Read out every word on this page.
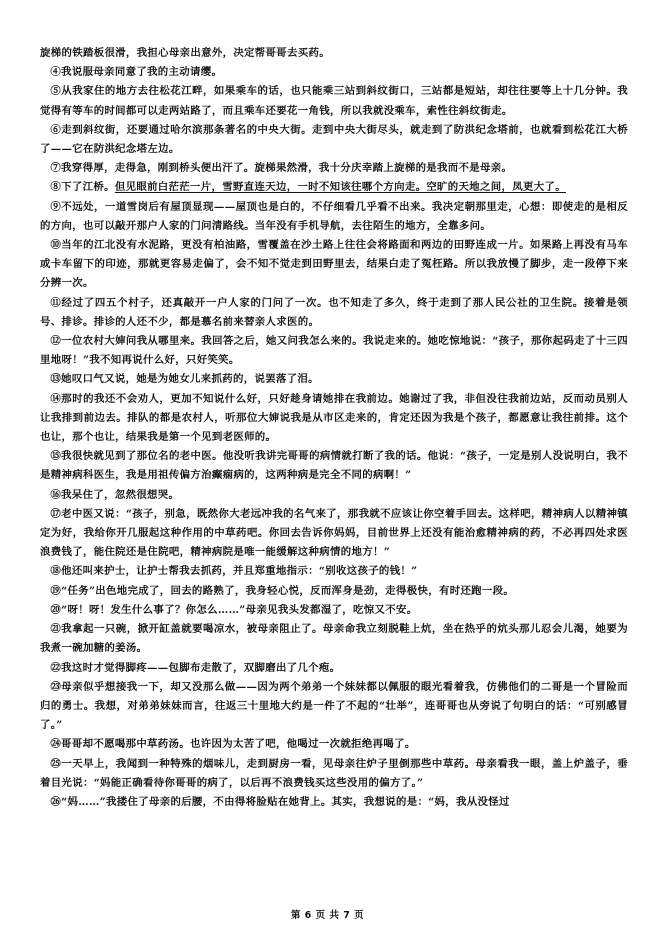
旋梯的铁踏板很滑，我担心母亲出意外，决定帮哥哥去买药。

④我说服母亲同意了我的主动请缨。

⑤从我家住的地方去往松花江畔，如果乘车的话，也只能乘三站到斜纹街口，三站都是短站，却往往要等上十几分钟。我觉得有等车的时间都可以走两站路了，而且乘车还要花一角钱，所以我就没乘车，索性往斜纹街走。

⑥走到斜纹街，还要通过哈尔滨那条著名的中央大街。走到中央大街尽头，就走到了防洪纪念塔前，也就看到松花江大桥了——它在防洪纪念塔左边。

⑦我穿得厚，走得急，刚到桥头便出汗了。旋梯果然滑，我十分庆幸踏上旋梯的是我而不是母亲。

⑧下了江桥。但见眼前白茫茫一片，雪野直连天边，一时不知该往哪个方向走。空旷的天地之间，凤更大了。

⑨不远处，一道雪岗后有屋顶显现——屋顶也是白的，不仔细看几乎看不出来。我决定朝那里走，心想：即使走的是相反的方向，也可以敲开那户人家的门问清路线。当年没有手机导航，去往陌生的地方，全靠多问。

⑩当年的江北没有水泥路，更没有柏油路，雪覆盖在沙土路上往往会将路面和两边的田野连成一片。如果路上再没有马车或卡车留下的印迹，那就更容易走偏了，会不知不觉走到田野里去，结果白走了冤枉路。所以我放慢了脚步，走一段停下来分辨一次。

⑪经过了四五个村子，还真敲开一户人家的门问了一次。也不知走了多久，终于走到了那人民公社的卫生院。接着是领号、排诊。排诊的人还不少，都是慕名前来替亲人求医的。

⑫一位农村大婶问我从哪里来。我回答之后，她又问我怎么来的。我说走来的。她吃惊地说：“孩子，那你起码走了十三四里地呀！”我不知再说什么好，只好笑笑。

⑬她叹口气又说，她是为她女儿来抓药的，说罢落了泪。

⑭那时的我还不会劝人，更加不知说什么好，只好趁身请她排在我前边。她谢过了我，非但没往我前边站，反而动员别人让我排到前边去。排队的都是农村人，听那位大婶说我是从市区走来的，肯定还因为我是个孩子，都愿意让我往前排。这个也让，那个也让，结果我是第一个见到老医师的。

⑮我很快就见到了那位名的老中医。他没听我讲完哥哥的病情就打断了我的话。他说：“孩子，一定是别人没说明白，我不是精神病科医生，我是用祖传偏方治癫痫病的，这两种病是完全不同的病啊！”

⑯我呆住了，忽然很想哭。

⑰老中医又说：“孩子，别急，既然你大老远冲我的名气来了，那我就不应该让你空着手回去。这样吧，精神病人以精神镇定为好，我给你开几服起这种作用的中草药吧。你回去告诉你妈妈，目前世界上还没有能治愈精神病的药，不必再四处求医浪费钱了，能住院还是住院吧，精神病院是唯一能缓解这种病情的地方！”

⑱他还叫来护士，让护士帮我去抓药，并且郑重地指示：“别收这孩子的钱！”

⑲“任务”出色地完成了，回去的路熟了，我身轻心悦，反而浑身是劲，走得极快，有时还跑一段。

⑳“呀！呀！发生什么事了？你怎么……”母亲见我头发都湿了，吃惊又不安。

㉑我拿起一只碗，掀开缸盖就要喝凉水，被母亲阻止了。母亲命我立刻脱鞋上炕，坐在热乎的炕头那儿忍会儿渴，她要为我煮一碗加糖的姜汤。

㉒我这时才觉得脚疼——包脚布走散了，双脚磨出了几个疱。

㉓母亲似乎想接我一下，却又没那么做——因为两个弟弟一个妹妹都以佩服的眼光看着我，仿佛他们的二哥是一个冒险而归的勇士。我想，对弟弟妹妹而言，往返三十里地大约是一件了不起的“壮举”，连哥哥也从旁说了句明白的话：“可别感冒了。”

㉔哥哥却不愿喝那中草药汤。也许因为太苦了吧，他喝过一次就拒绝再喝了。

㉕一天早上，我闻到一种特殊的烟味儿，走到厨房一看，见母亲往炉子里倒那些中草药。母亲看我一眼，盖上炉盖子，垂着目光说：“妈能正确看待你哥哥的病了，以后再不浪费钱买这些没用的偏方了。”

㉖“妈……”我搂住了母亲的后腰，不由得将脸贴在她背上。其实，我想说的是：“妈，我从没怪过

第 6 页 共 7 页
